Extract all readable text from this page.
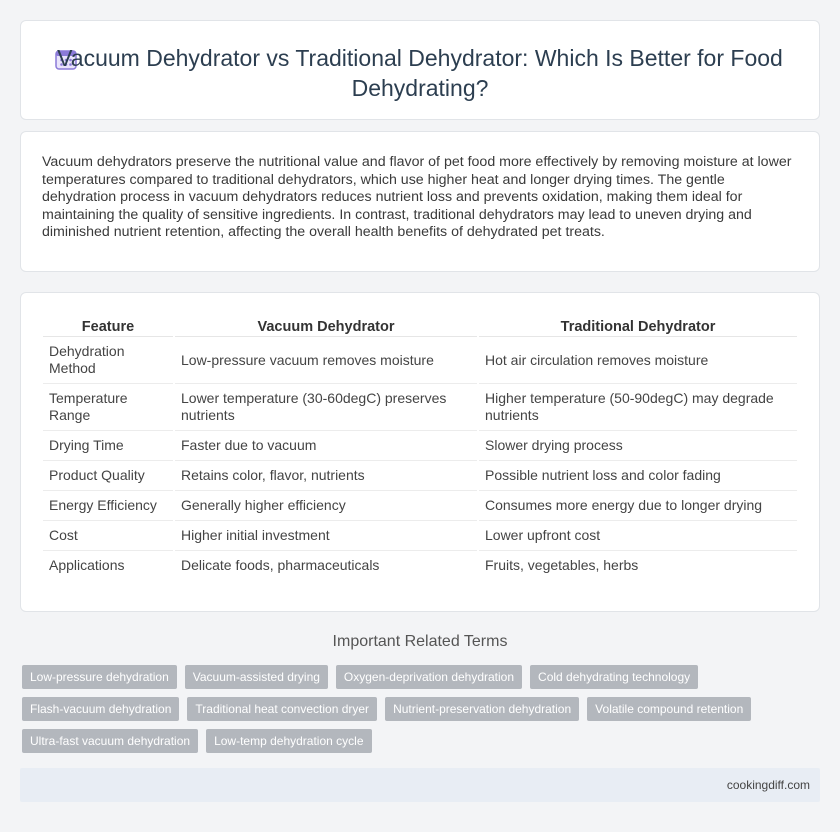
Vacuum Dehydrator vs Traditional Dehydrator: Which Is Better for Food Dehydrating?

Vacuum dehydrators preserve the nutritional value and flavor of pet food more effectively by removing moisture at lower temperatures compared to traditional dehydrators, which use higher heat and longer drying times. The gentle dehydration process in vacuum dehydrators reduces nutrient loss and prevents oxidation, making them ideal for maintaining the quality of sensitive ingredients. In contrast, traditional dehydrators may lead to uneven drying and diminished nutrient retention, affecting the overall health benefits of dehydrated pet treats.

Feature	Vacuum Dehydrator	Traditional Dehydrator
Dehydration Method	Low-pressure vacuum removes moisture	Hot air circulation removes moisture
Temperature Range	Lower temperature (30-60degC) preserves nutrients	Higher temperature (50-90degC) may degrade nutrients
Drying Time	Faster due to vacuum	Slower drying process
Product Quality	Retains color, flavor, nutrients	Possible nutrient loss and color fading
Energy Efficiency	Generally higher efficiency	Consumes more energy due to longer drying
Cost	Higher initial investment	Lower upfront cost
Applications	Delicate foods, pharmaceuticals	Fruits, vegetables, herbs
Important Related Terms
Low-pressure dehydration	Vacuum-assisted drying	Oxygen-deprivation dehydration	Cold dehydrating technology
Flash-vacuum dehydration	Traditional heat convection dryer	Nutrient-preservation dehydration	Volatile compound retention
Ultra-fast vacuum dehydration	Low-temp dehydration cycle
cookingdiff.com
